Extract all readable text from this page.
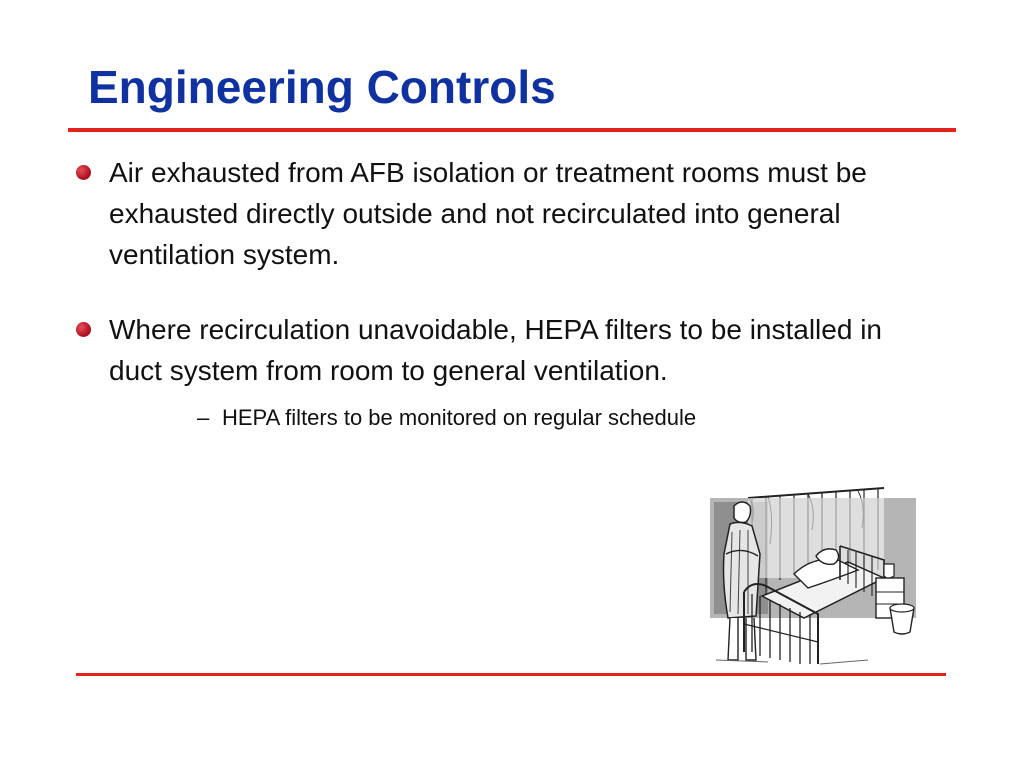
Engineering Controls
Air exhausted from AFB isolation or treatment rooms must be exhausted directly outside and not recirculated into general ventilation system.
Where recirculation unavoidable, HEPA filters to be installed in duct system from room to general ventilation.
– HEPA filters to be monitored on regular schedule
